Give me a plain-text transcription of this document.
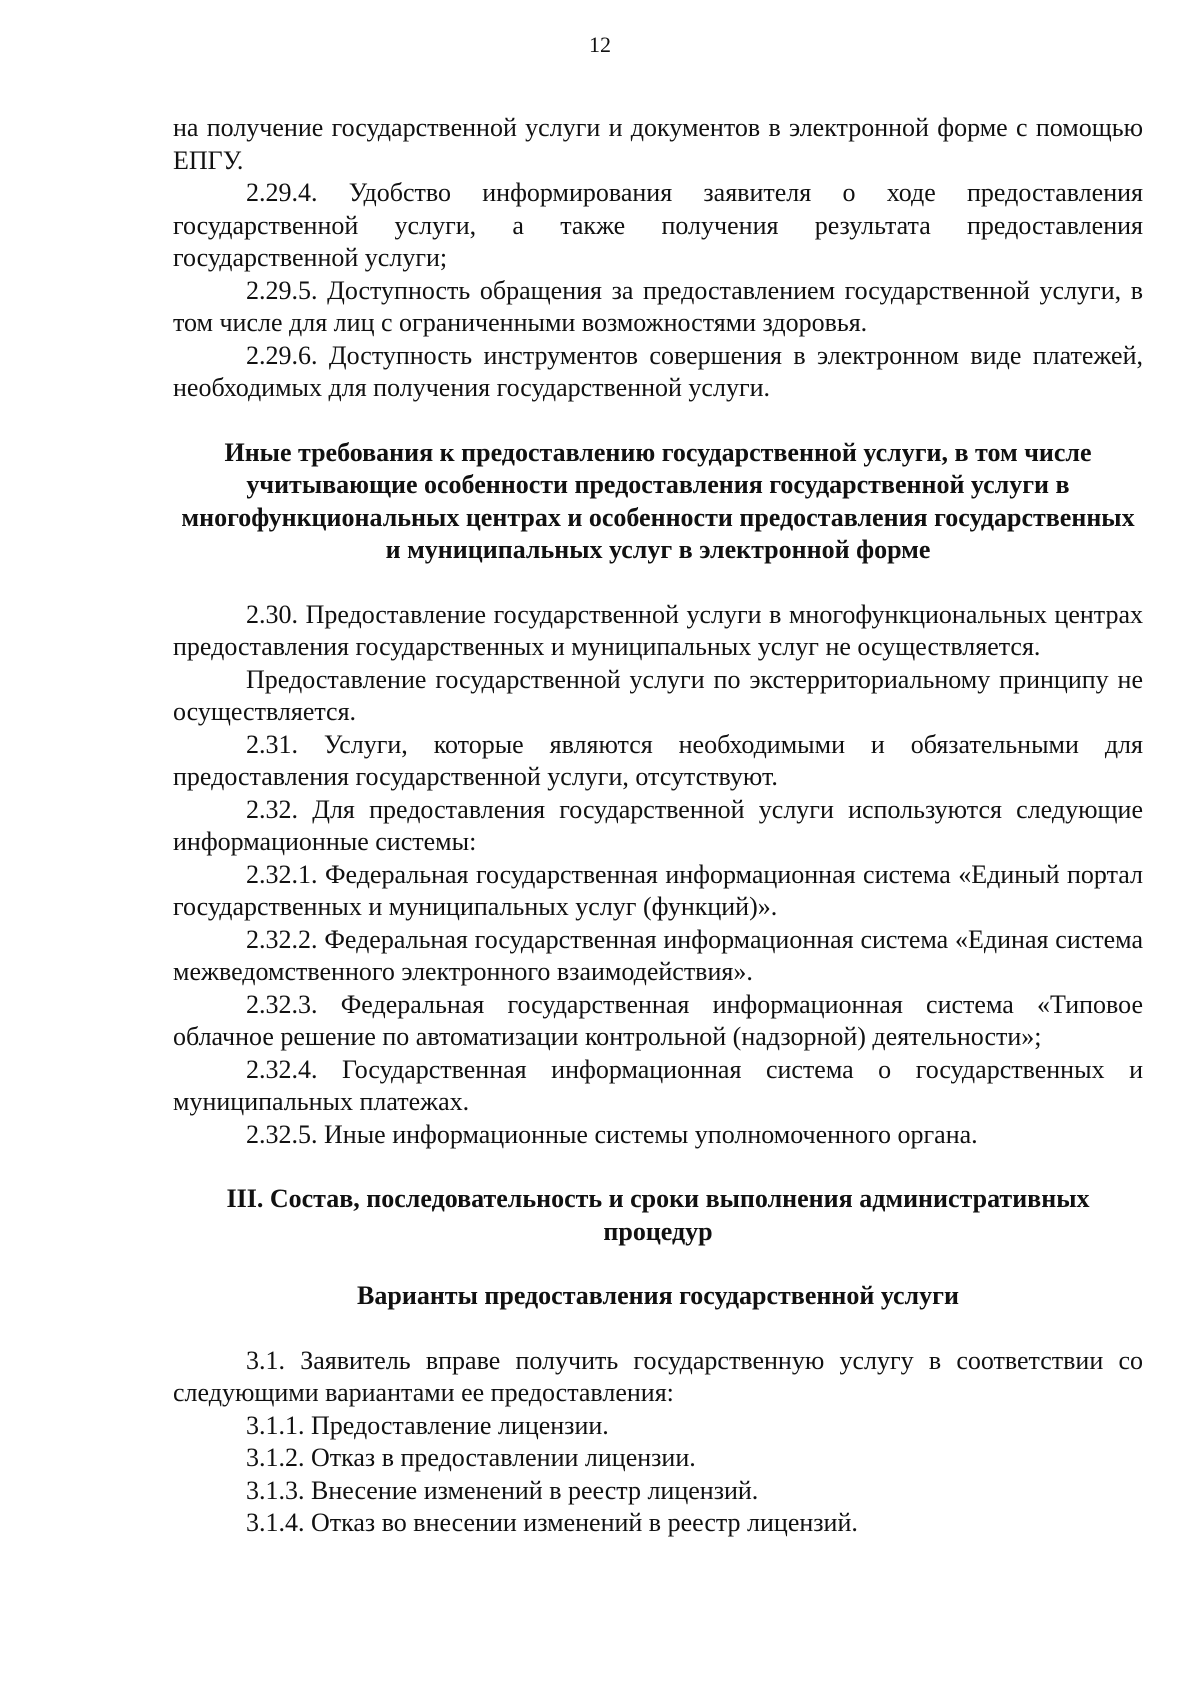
12

на получение государственной услуги и документов в электронной форме с помощью ЕПГУ.

2.29.4. Удобство информирования заявителя о ходе предоставления государственной услуги, а также получения результата предоставления государственной услуги;

2.29.5. Доступность обращения за предоставлением государственной услуги, в том числе для лиц с ограниченными возможностями здоровья.

2.29.6. Доступность инструментов совершения в электронном виде платежей, необходимых для получения государственной услуги.

Иные требования к предоставлению государственной услуги, в том числе учитывающие особенности предоставления государственной услуги в многофункциональных центрах и особенности предоставления государственных и муниципальных услуг в электронной форме

2.30. Предоставление государственной услуги в многофункциональных центрах предоставления государственных и муниципальных услуг не осуществляется.

Предоставление государственной услуги по экстерриториальному принципу не осуществляется.

2.31. Услуги, которые являются необходимыми и обязательными для предоставления государственной услуги, отсутствуют.

2.32. Для предоставления государственной услуги используются следующие информационные системы:

2.32.1. Федеральная государственная информационная система «Единый портал государственных и муниципальных услуг (функций)».

2.32.2. Федеральная государственная информационная система «Единая система межведомственного электронного взаимодействия».

2.32.3. Федеральная государственная информационная система «Типовое облачное решение по автоматизации контрольной (надзорной) деятельности»;

2.32.4. Государственная информационная система о государственных и муниципальных платежах.

2.32.5. Иные информационные системы уполномоченного органа.

III. Состав, последовательность и сроки выполнения административных процедур
Варианты предоставления государственной услуги

3.1. Заявитель вправе получить государственную услугу в соответствии со следующими вариантами ее предоставления:

3.1.1. Предоставление лицензии.

3.1.2. Отказ в предоставлении лицензии.

3.1.3. Внесение изменений в реестр лицензий.

3.1.4. Отказ во внесении изменений в реестр лицензий.
